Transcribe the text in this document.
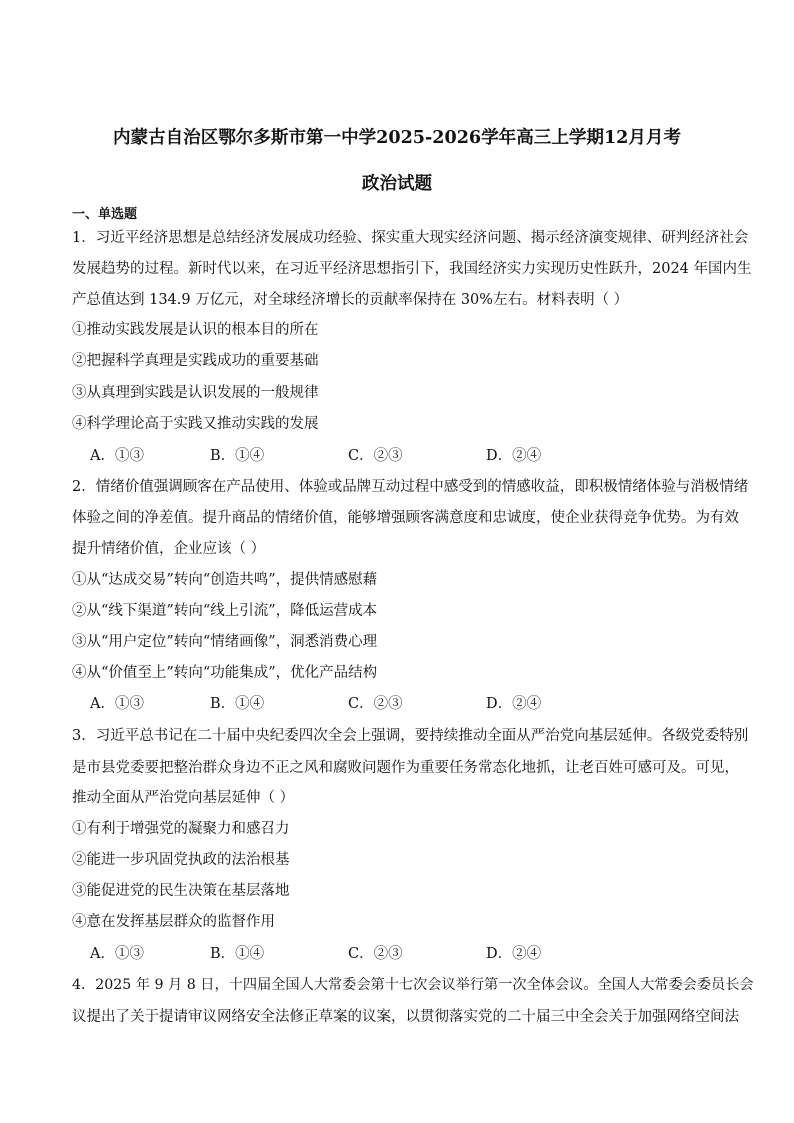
内蒙古自治区鄂尔多斯市第一中学2025-2026学年高三上学期12月月考
政治试题
一、单选题
1．习近平经济思想是总结经济发展成功经验、探实重大现实经济问题、揭示经济演变规律、研判经济社会
发展趋势的过程。新时代以来，在习近平经济思想指引下，我国经济实力实现历史性跃升，2024 年国内生
产总值达到 134.9 万亿元，对全球经济增长的贡献率保持在 30%左右。材料表明（ ）
①推动实践发展是认识的根本目的所在
②把握科学真理是实践成功的重要基础
③从真理到实践是认识发展的一般规律
④科学理论高于实践又推动实践的发展
A．①③	B．①④	C．②③	D．②④
2．情绪价值强调顾客在产品使用、体验或品牌互动过程中感受到的情感收益，即积极情绪体验与消极情绪
体验之间的净差值。提升商品的情绪价值，能够增强顾客满意度和忠诚度，使企业获得竞争优势。为有效
提升情绪价值，企业应该（ ）
①从“达成交易”转向“创造共鸣”，提供情感慰藉
②从“线下渠道”转向“线上引流”，降低运营成本
③从“用户定位”转向“情绪画像”，洞悉消费心理
④从“价值至上”转向“功能集成”，优化产品结构
A．①③	B．①④	C．②③	D．②④
3．习近平总书记在二十届中央纪委四次全会上强调，要持续推动全面从严治党向基层延伸。各级党委特别
是市县党委要把整治群众身边不正之风和腐败问题作为重要任务常态化地抓，让老百姓可感可及。可见，
推动全面从严治党向基层延伸（ ）
①有利于增强党的凝聚力和感召力
②能进一步巩固党执政的法治根基
③能促进党的民生决策在基层落地
④意在发挥基层群众的监督作用
A．①③	B．①④	C．②③	D．②④
4．2025 年 9 月 8 日，十四届全国人大常委会第十七次会议举行第一次全体会议。全国人大常委会委员长会
议提出了关于提请审议网络安全法修正草案的议案，以贯彻落实党的二十届三中全会关于加强网络空间法
